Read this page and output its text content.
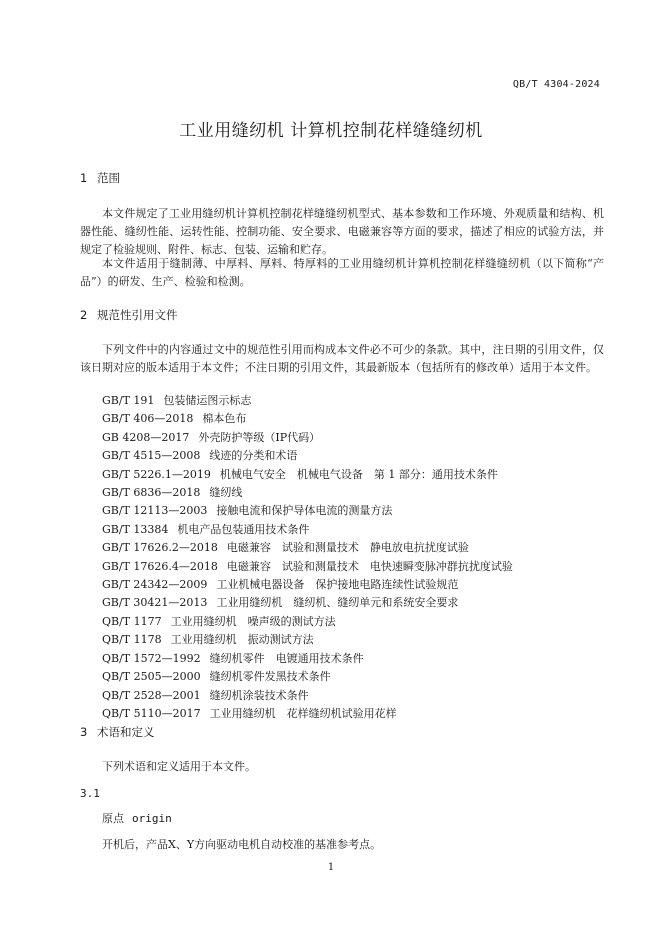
QB/T 4304-2024
工业用缝纫机 计算机控制花样缝缝纫机
1 范围
本文件规定了工业用缝纫机计算机控制花样缝缝纫机型式、基本参数和工作环境、外观质量和结构、机器性能、缝纫性能、运转性能、控制功能、安全要求、电磁兼容等方面的要求，描述了相应的试验方法，并规定了检验规则、附件、标志、包装、运输和贮存。
本文件适用于缝制薄、中厚料、厚料、特厚料的工业用缝纫机计算机控制花样缝缝纫机（以下简称“产品”）的研发、生产、检验和检测。
2 规范性引用文件
下列文件中的内容通过文中的规范性引用而构成本文件必不可少的条款。其中，注日期的引用文件，仅该日期对应的版本适用于本文件；不注日期的引用文件，其最新版本（包括所有的修改单）适用于本文件。
GB/T 191 包装储运图示标志
GB/T 406—2018 棉本色布
GB 4208—2017 外壳防护等级（IP代码）
GB/T 4515—2008 线迹的分类和术语
GB/T 5226.1—2019 机械电气安全　机械电气设备　第 1 部分：通用技术条件
GB/T 6836—2018 缝纫线
GB/T 12113—2003 接触电流和保护导体电流的测量方法
GB/T 13384 机电产品包装通用技术条件
GB/T 17626.2—2018 电磁兼容　试验和测量技术　静电放电抗扰度试验
GB/T 17626.4—2018 电磁兼容　试验和测量技术　电快速瞬变脉冲群抗扰度试验
GB/T 24342—2009 工业机械电器设备　保护接地电路连续性试验规范
GB/T 30421—2013 工业用缝纫机　缝纫机、缝纫单元和系统安全要求
QB/T 1177 工业用缝纫机　噪声级的测试方法
QB/T 1178 工业用缝纫机　振动测试方法
QB/T 1572—1992 缝纫机零件　电镀通用技术条件
QB/T 2505—2000 缝纫机零件发黑技术条件
QB/T 2528—2001 缝纫机涂装技术条件
QB/T 5110—2017 工业用缝纫机　花样缝纫机试验用花样
3 术语和定义
下列术语和定义适用于本文件。
3.1
原点 origin
开机后，产品X、Y方向驱动电机自动校准的基准参考点。
1
